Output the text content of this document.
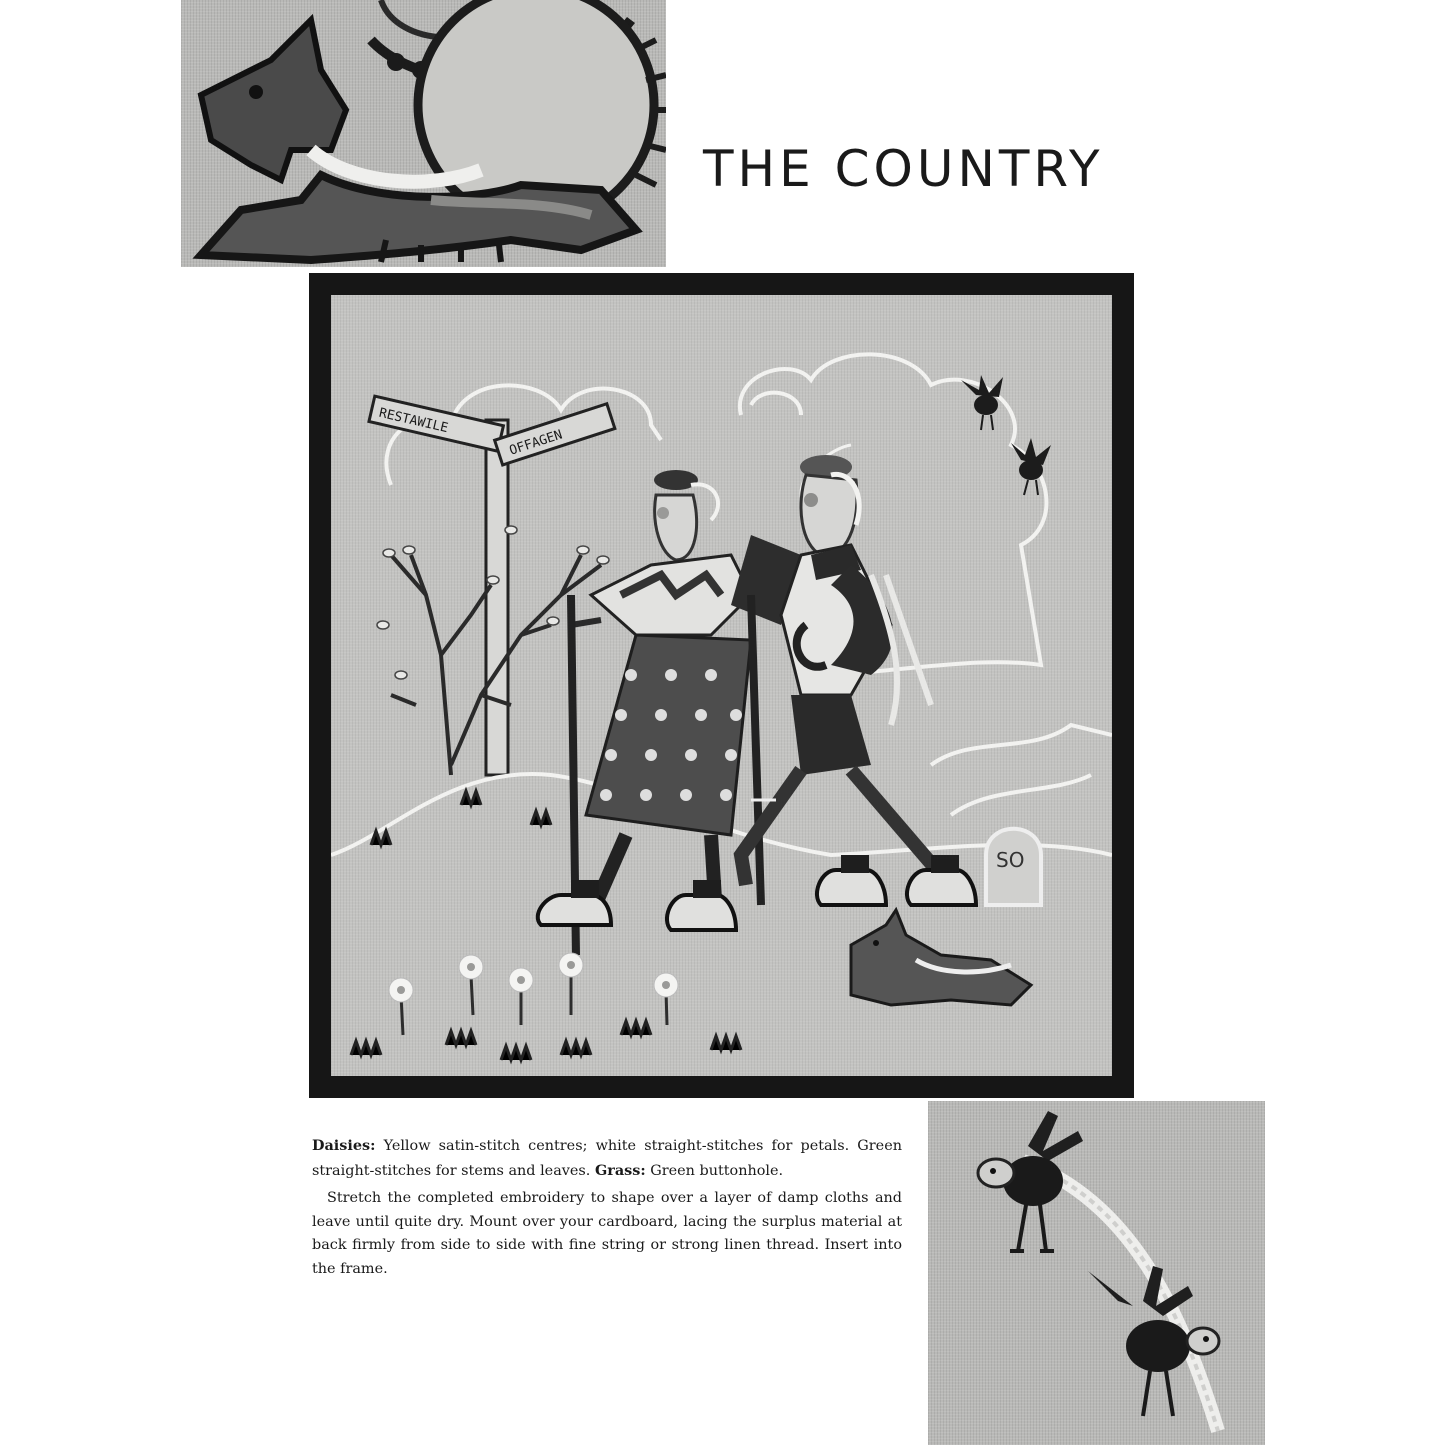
THE COUNTRY
RESTAWILE
OFFAGEN
SO

Daisies: Yellow satin-stitch centres; white straight-stitches for petals. Green straight-stitches for stems and leaves. Grass: Green buttonhole.

Stretch the completed embroidery to shape over a layer of damp cloths and leave until quite dry. Mount over your cardboard, lacing the surplus material at back firmly from side to side with fine string or strong linen thread. Insert into the frame.
